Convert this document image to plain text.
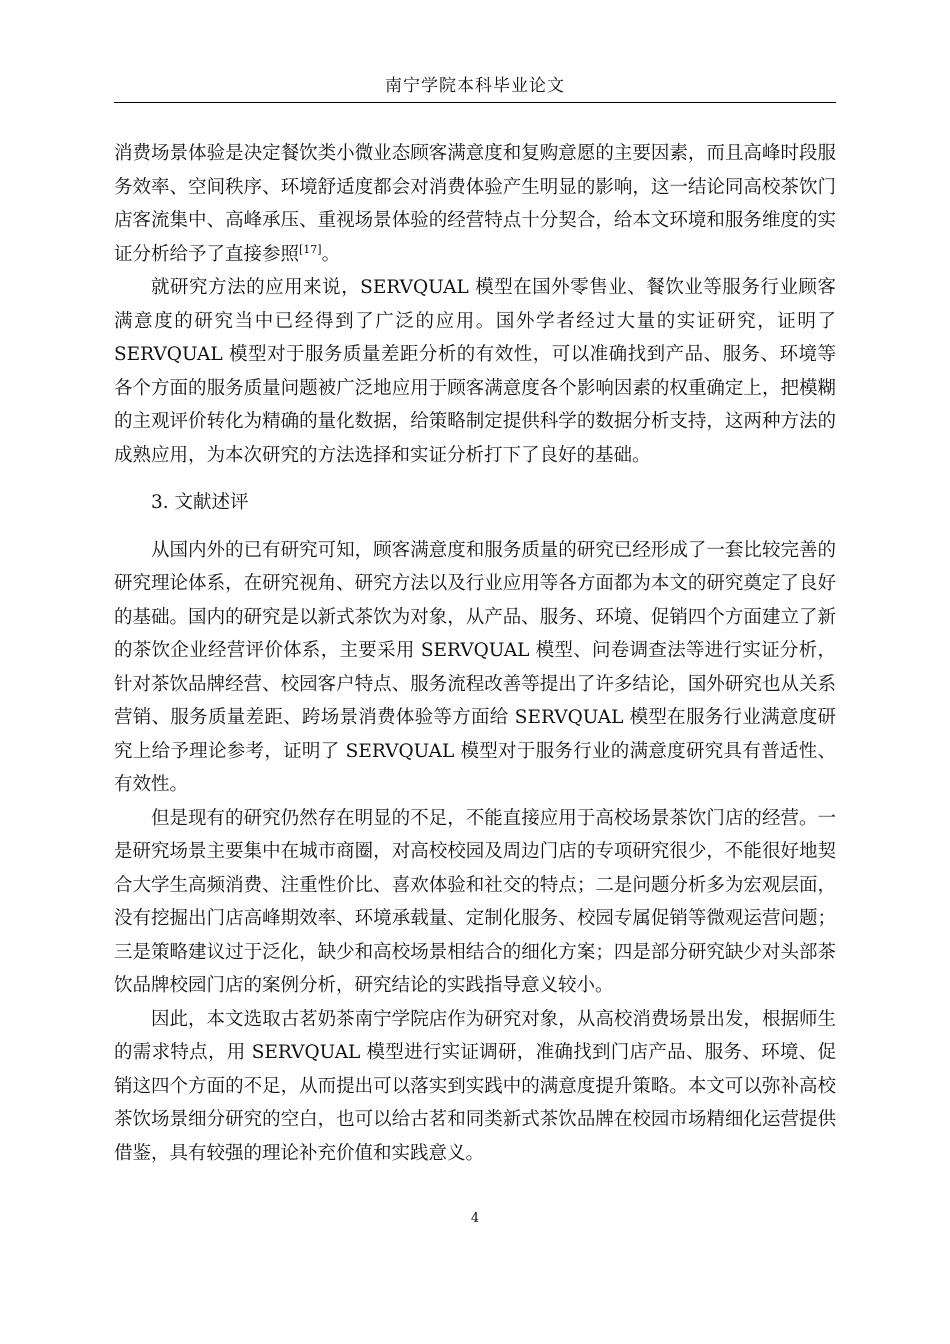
南宁学院本科毕业论文

消费场景体验是决定餐饮类小微业态顾客满意度和复购意愿的主要因素，而且高峰时段服务效率、空间秩序、环境舒适度都会对消费体验产生明显的影响，这一结论同高校茶饮门店客流集中、高峰承压、重视场景体验的经营特点十分契合，给本文环境和服务维度的实证分析给予了直接参照[17]。

就研究方法的应用来说，SERVQUAL 模型在国外零售业、餐饮业等服务行业顾客满意度的研究当中已经得到了广泛的应用。国外学者经过大量的实证研究，证明了 SERVQUAL 模型对于服务质量差距分析的有效性，可以准确找到产品、服务、环境等各个方面的服务质量问题被广泛地应用于顾客满意度各个影响因素的权重确定上，把模糊的主观评价转化为精确的量化数据，给策略制定提供科学的数据分析支持，这两种方法的成熟应用，为本次研究的方法选择和实证分析打下了良好的基础。

3. 文献述评

从国内外的已有研究可知，顾客满意度和服务质量的研究已经形成了一套比较完善的研究理论体系，在研究视角、研究方法以及行业应用等各方面都为本文的研究奠定了良好的基础。国内的研究是以新式茶饮为对象，从产品、服务、环境、促销四个方面建立了新的茶饮企业经营评价体系，主要采用 SERVQUAL 模型、问卷调查法等进行实证分析，针对茶饮品牌经营、校园客户特点、服务流程改善等提出了许多结论，国外研究也从关系营销、服务质量差距、跨场景消费体验等方面给 SERVQUAL 模型在服务行业满意度研究上给予理论参考，证明了 SERVQUAL 模型对于服务行业的满意度研究具有普适性、有效性。

但是现有的研究仍然存在明显的不足，不能直接应用于高校场景茶饮门店的经营。一是研究场景主要集中在城市商圈，对高校校园及周边门店的专项研究很少，不能很好地契合大学生高频消费、注重性价比、喜欢体验和社交的特点；二是问题分析多为宏观层面，没有挖掘出门店高峰期效率、环境承载量、定制化服务、校园专属促销等微观运营问题；三是策略建议过于泛化，缺少和高校场景相结合的细化方案；四是部分研究缺少对头部茶饮品牌校园门店的案例分析，研究结论的实践指导意义较小。

因此，本文选取古茗奶茶南宁学院店作为研究对象，从高校消费场景出发，根据师生的需求特点，用 SERVQUAL 模型进行实证调研，准确找到门店产品、服务、环境、促销这四个方面的不足，从而提出可以落实到实践中的满意度提升策略。本文可以弥补高校茶饮场景细分研究的空白，也可以给古茗和同类新式茶饮品牌在校园市场精细化运营提供借鉴，具有较强的理论补充价值和实践意义。

4
